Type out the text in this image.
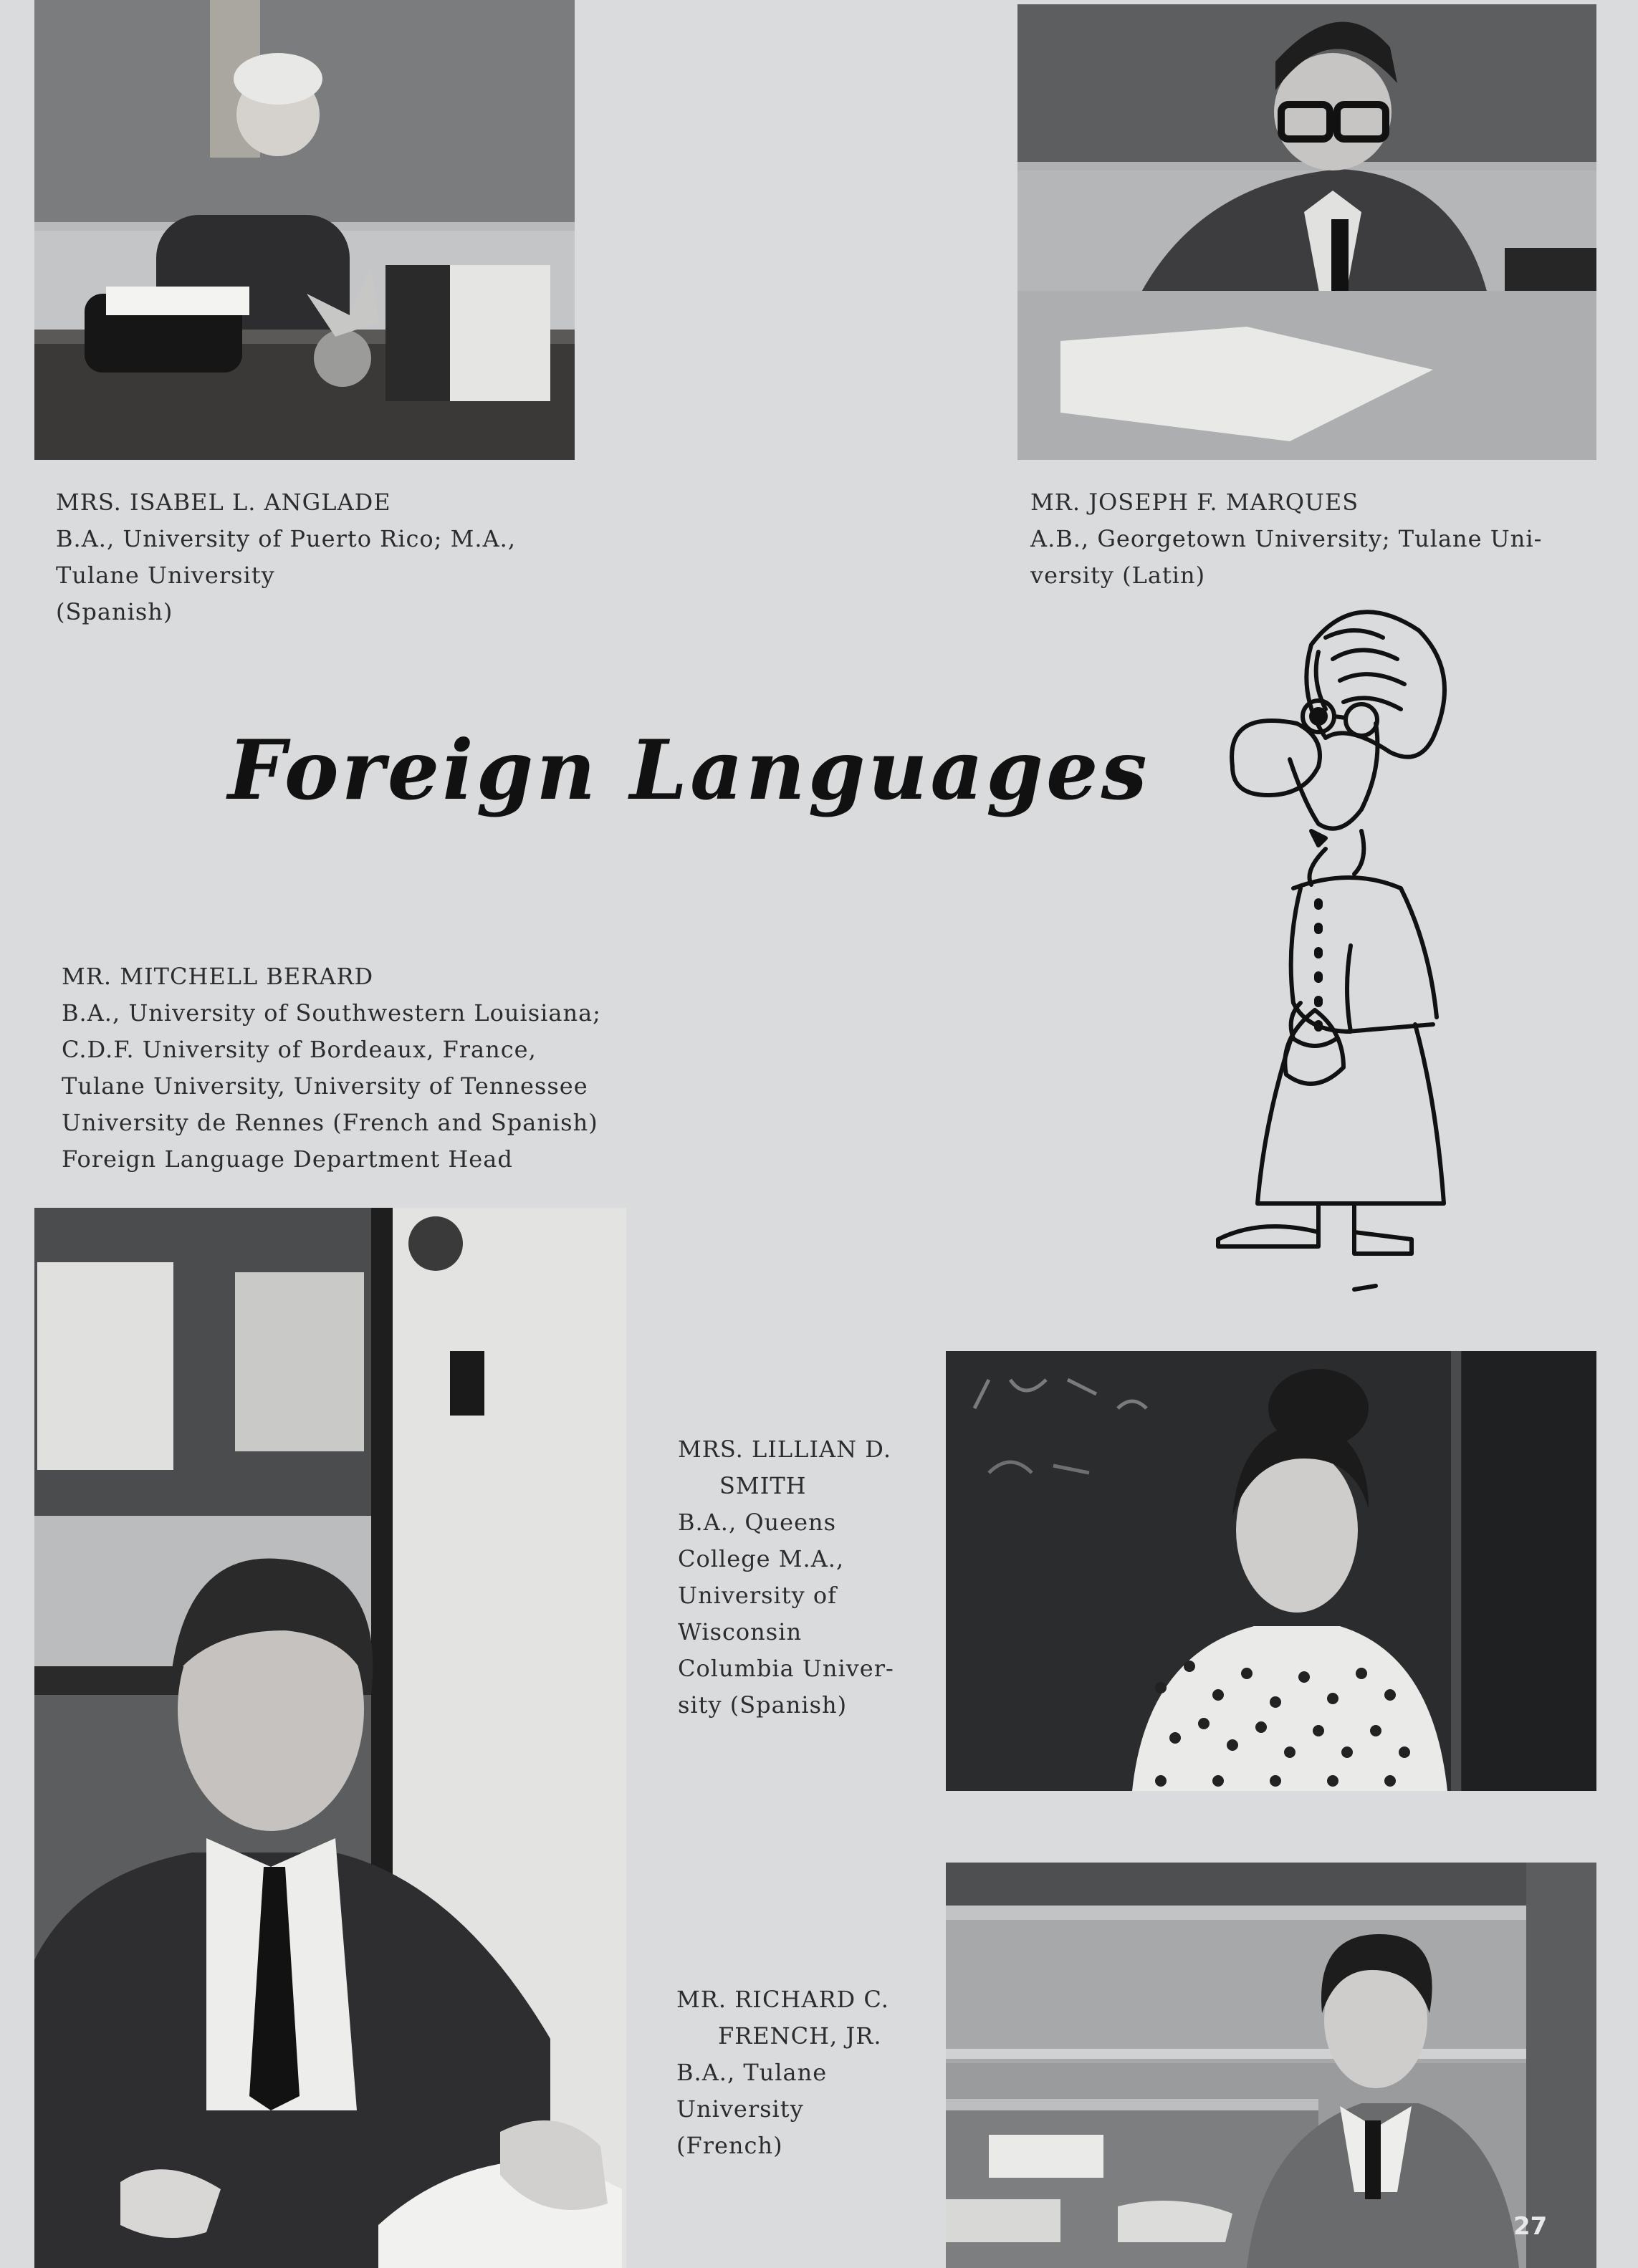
MRS. ISABEL L. ANGLADE
B.A., University of Puerto Rico; M.A.,
Tulane University
(Spanish)
MR. JOSEPH F. MARQUES
A.B., Georgetown University; Tulane Uni-
versity (Latin)
Foreign Languages
MR. MITCHELL BERARD
B.A., University of Southwestern Louisiana;
C.D.F. University of Bordeaux, France,
Tulane University, University of Tennessee
University de Rennes (French and Spanish)
Foreign Language Department Head
MRS. LILLIAN D.
SMITH
B.A., Queens
College M.A.,
University of
Wisconsin
Columbia Univer-
sity (Spanish)
MR. RICHARD C.
FRENCH, JR.
B.A., Tulane
University
(French)
27
